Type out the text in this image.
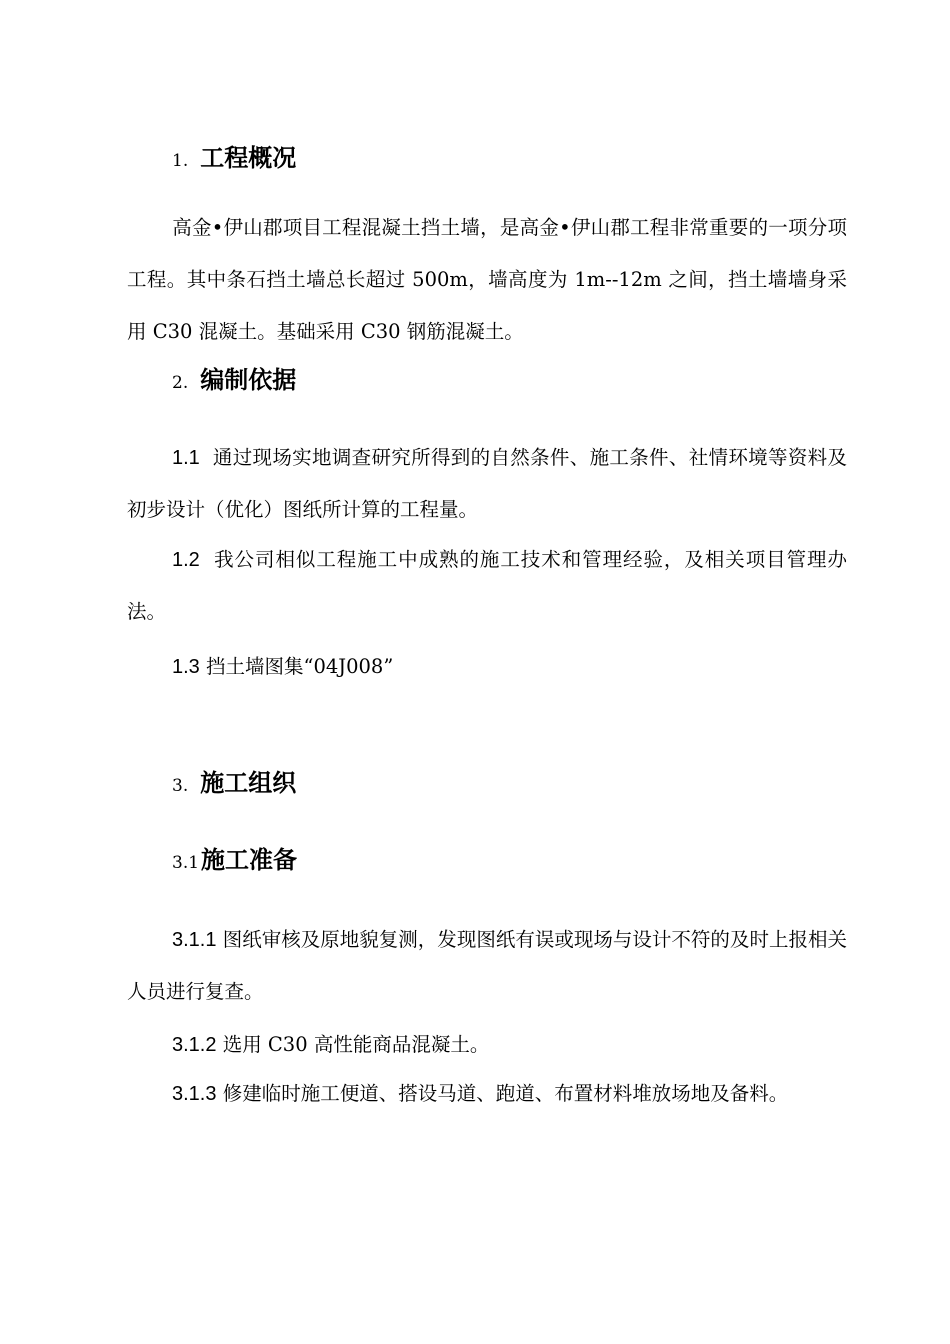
1. 工程概况
高金•伊山郡项目工程混凝土挡土墙，是高金•伊山郡工程非常重要的一项分项工程。其中条石挡土墙总长超过 500m，墙高度为 1m--12m 之间，挡土墙墙身采用 C30 混凝土。基础采用 C30 钢筋混凝土。
2. 编制依据
1.1 通过现场实地调查研究所得到的自然条件、施工条件、社情环境等资料及初步设计（优化）图纸所计算的工程量。
1.2 我公司相似工程施工中成熟的施工技术和管理经验，及相关项目管理办法。
1.3 挡土墙图集“04J008”
3. 施工组织
3.1施工准备
3.1.1 图纸审核及原地貌复测，发现图纸有误或现场与设计不符的及时上报相关人员进行复查。
3.1.2 选用 C30 高性能商品混凝土。
3.1.3 修建临时施工便道、搭设马道、跑道、布置材料堆放场地及备料。
